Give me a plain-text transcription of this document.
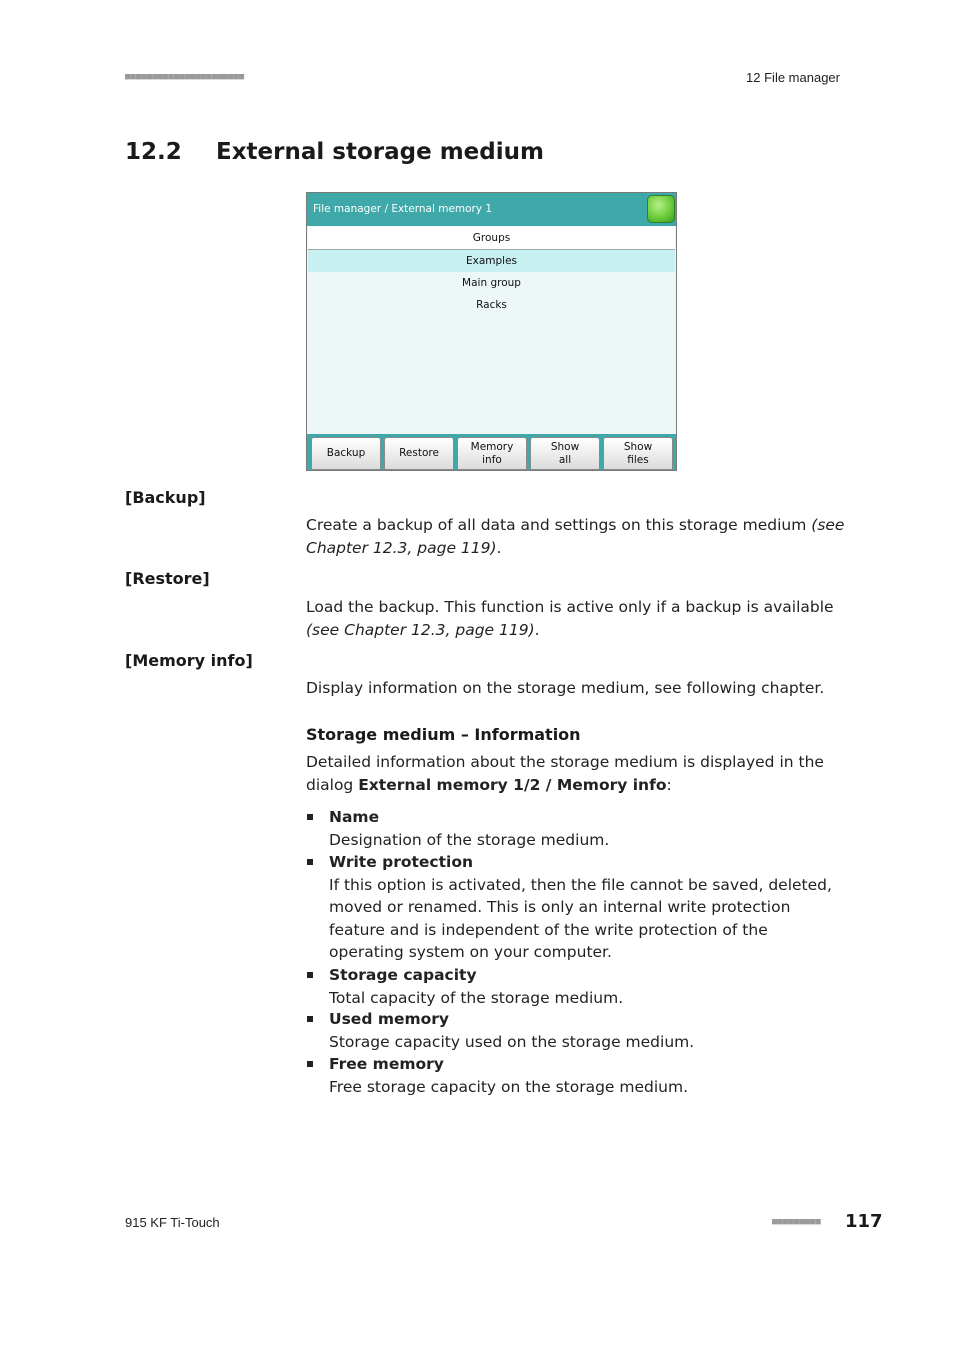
■■■■■■■■■■■■■■■■■■■■■■	12 File manager
12.2 External storage medium
File manager / External memory 1
Groups
Examples
Main group
Racks
Backup	Restore
Memory
info
Show
all
Show
files
[Backup]
Create a backup of all data and settings on this storage medium (see Chapter 12.3, page 119).
[Restore]
Load the backup. This function is active only if a backup is available (see Chapter 12.3, page 119).
[Memory info]
Display information on the storage medium, see following chapter.
Storage medium – Information
Detailed information about the storage medium is displayed in the dialog External memory 1/2 / Memory info:
Name
Designation of the storage medium.
Write protection
If this option is activated, then the file cannot be saved, deleted, moved or renamed. This is only an internal write protection feature and is independent of the write protection of the operating system on your computer.
Storage capacity
Total capacity of the storage medium.
Used memory
Storage capacity used on the storage medium.
Free memory
Free storage capacity on the storage medium.
915 KF Ti-Touch	■■■■■■■■■ 117
